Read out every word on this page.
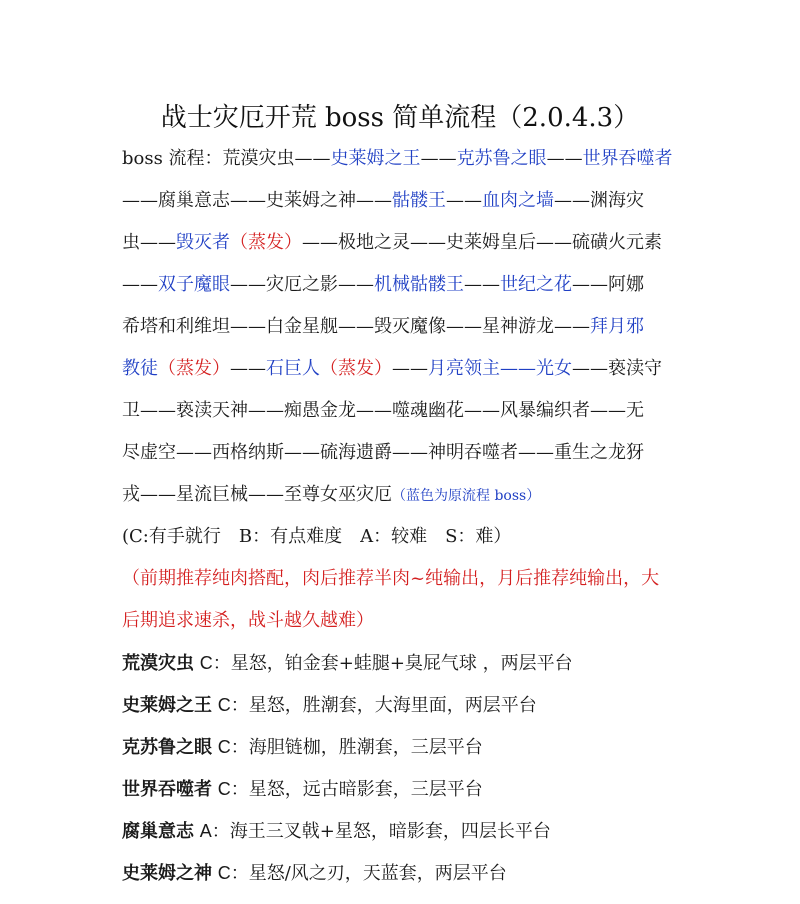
战士灾厄开荒 boss 简单流程（2.0.4.3）
boss 流程：荒漠灾虫——史莱姆之王——克苏鲁之眼——世界吞噬者
——腐巢意志——史莱姆之神——骷髅王——血肉之墙——渊海灾
虫——毁灭者（蒸发）——极地之灵——史莱姆皇后——硫磺火元素
——双子魔眼——灾厄之影——机械骷髅王——世纪之花——阿娜
希塔和利维坦——白金星舰——毁灭魔像——星神游龙——拜月邪
教徒（蒸发）——石巨人（蒸发）——月亮领主——光女——亵渎守
卫——亵渎天神——痴愚金龙——噬魂幽花——风暴编织者——无
尽虚空——西格纳斯——硫海遗爵——神明吞噬者——重生之龙犽
戎——星流巨械——至尊女巫灾厄（蓝色为原流程 boss）
(C:有手就行　B：有点难度　A：较难　S：难）
（前期推荐纯肉搭配，肉后推荐半肉~纯输出，月后推荐纯输出，大
后期追求速杀，战斗越久越难）
荒漠灾虫 C：星怒，铂金套+蛙腿+臭屁气球 ，两层平台
史莱姆之王 C：星怒，胜潮套，大海里面，两层平台
克苏鲁之眼 C：海胆链枷，胜潮套，三层平台
世界吞噬者 C：星怒，远古暗影套，三层平台
腐巢意志 A：海王三叉戟+星怒，暗影套，四层长平台
史莱姆之神 C：星怒/风之刃，天蓝套，两层平台
